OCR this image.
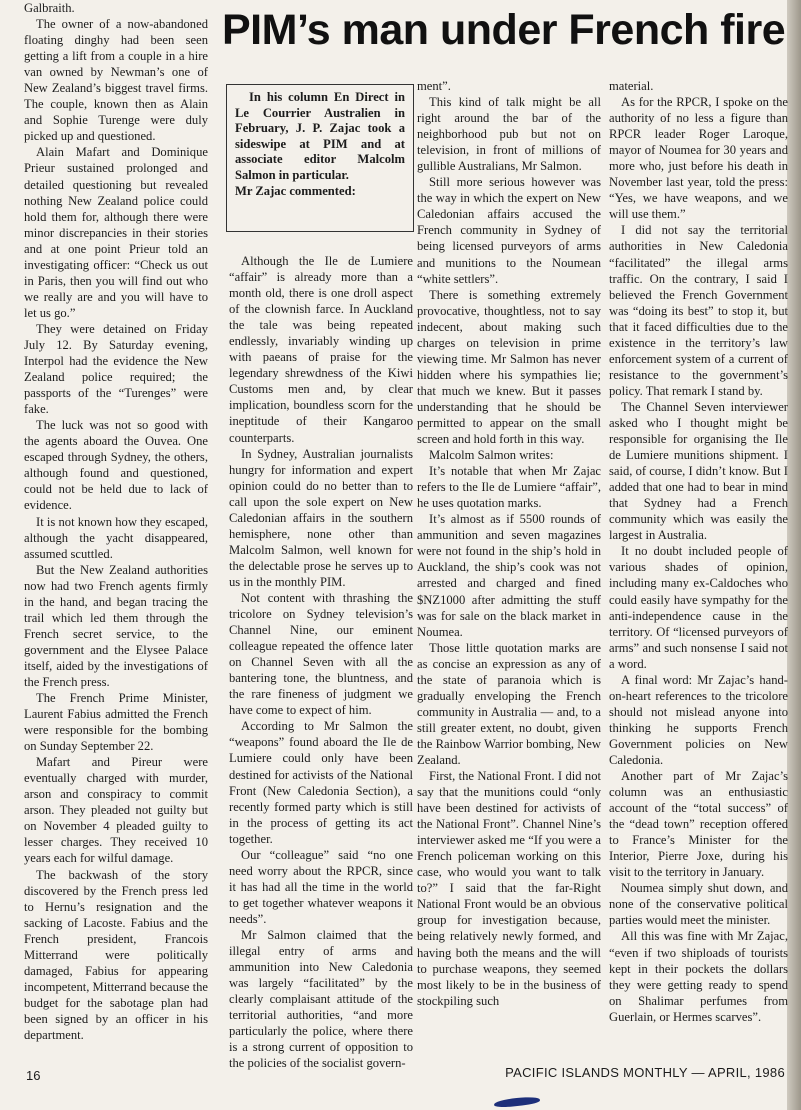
PIM’s man under French fire

Galbraith.

The owner of a now-abandoned floating dinghy had been seen getting a lift from a couple in a hire van owned by Newman’s one of New Zealand’s biggest travel firms. The couple, known then as Alain and Sophie Turenge were duly picked up and questioned.

Alain Mafart and Dominique Prieur sustained prolonged and detailed questioning but revealed nothing New Zealand police could hold them for, although there were minor discrepancies in their stories and at one point Prieur told an investigating officer: “Check us out in Paris, then you will find out who we really are and you will have to let us go.”

They were detained on Friday July 12. By Saturday evening, Interpol had the evidence the New Zealand police required; the passports of the “Turenges” were fake.

The luck was not so good with the agents aboard the Ouvea. One escaped through Sydney, the others, although found and questioned, could not be held due to lack of evidence.

It is not known how they escaped, although the yacht disappeared, assumed scuttled.

But the New Zealand authorities now had two French agents firmly in the hand, and began tracing the trail which led them through the French secret service, to the government and the Elysee Palace itself, aided by the investigations of the French press.

The French Prime Minister, Laurent Fabius admitted the French were responsible for the bombing on Sunday September 22.

Mafart and Pireur were eventually charged with murder, arson and conspiracy to commit arson. They pleaded not guilty but on November 4 pleaded guilty to lesser charges. They received 10 years each for wilful damage.

The backwash of the story discovered by the French press led to Hernu’s resignation and the sacking of Lacoste. Fabius and the French president, Francois Mitterrand were politically damaged, Fabius for appearing incompetent, Mitterrand because the budget for the sabotage plan had been signed by an officer in his department.

In his column En Direct in Le Courrier Australien in February, J. P. Zajac took a sideswipe at PIM and at associate editor Malcolm Salmon in particular.

Mr Zajac commented:

Although the Ile de Lumiere “affair” is already more than a month old, there is one droll aspect of the clownish farce. In Auckland the tale was being repeated endlessly, invariably winding up with paeans of praise for the legendary shrewdness of the Kiwi Customs men and, by clear implication, boundless scorn for the ineptitude of their Kangaroo counterparts.

In Sydney, Australian journalists hungry for information and expert opinion could do no better than to call upon the sole expert on New Caledonian affairs in the southern hemisphere, none other than Malcolm Salmon, well known for the delectable prose he serves up to us in the monthly PIM.

Not content with thrashing the tricolore on Sydney television’s Channel Nine, our eminent colleague repeated the offence later on Channel Seven with all the bantering tone, the bluntness, and the rare fineness of judgment we have come to expect of him.

According to Mr Salmon the “weapons” found aboard the Ile de Lumiere could only have been destined for activists of the National Front (New Caledonia Section), a recently formed party which is still in the process of getting its act together.

Our “colleague” said “no one need worry about the RPCR, since it has had all the time in the world to get together whatever weapons it needs”.

Mr Salmon claimed that the illegal entry of arms and ammunition into New Caledonia was largely “facilitated” by the clearly complaisant attitude of the territorial authorities, “and more particularly the police, where there is a strong current of opposition to the policies of the socialist govern-

ment”.

This kind of talk might be all right around the bar of the neighborhood pub but not on television, in front of millions of gullible Australians, Mr Salmon.

Still more serious however was the way in which the expert on New Caledonian affairs accused the French community in Sydney of being licensed purveyors of arms and munitions to the Noumean “white settlers”.

There is something extremely provocative, thoughtless, not to say indecent, about making such charges on television in prime viewing time. Mr Salmon has never hidden where his sympathies lie; that much we knew. But it passes understanding that he should be permitted to appear on the small screen and hold forth in this way.

Malcolm Salmon writes:

It’s notable that when Mr Zajac refers to the Ile de Lumiere “affair”, he uses quotation marks.

It’s almost as if 5500 rounds of ammunition and seven magazines were not found in the ship’s hold in Auckland, the ship’s cook was not arrested and charged and fined $NZ1000 after admitting the stuff was for sale on the black market in Noumea.

Those little quotation marks are as concise an expression as any of the state of paranoia which is gradually enveloping the French community in Australia — and, to a still greater extent, no doubt, given the Rainbow Warrior bombing, New Zealand.

First, the National Front. I did not say that the munitions could “only have been destined for activists of the National Front”. Channel Nine’s interviewer asked me “If you were a French policeman working on this case, who would you want to talk to?” I said that the far-Right National Front would be an obvious group for investigation because, being relatively newly formed, and having both the means and the will to purchase weapons, they seemed most likely to be in the business of stockpiling such

material.

As for the RPCR, I spoke on the authority of no less a figure than RPCR leader Roger Laroque, mayor of Noumea for 30 years and more who, just before his death in November last year, told the press: “Yes, we have weapons, and we will use them.”

I did not say the territorial authorities in New Caledonia “facilitated” the illegal arms traffic. On the contrary, I said I believed the French Government was “doing its best” to stop it, but that it faced difficulties due to the existence in the territory’s law enforcement system of a current of resistance to the government’s policy. That remark I stand by.

The Channel Seven interviewer asked who I thought might be responsible for organising the Ile de Lumiere munitions shipment. I said, of course, I didn’t know. But I added that one had to bear in mind that Sydney had a French community which was easily the largest in Australia.

It no doubt included people of various shades of opinion, including many ex-Caldoches who could easily have sympathy for the anti-independence cause in the territory. Of “licensed purveyors of arms” and such nonsense I said not a word.

A final word: Mr Zajac’s hand-on-heart references to the tricolore should not mislead anyone into thinking he supports French Government policies on New Caledonia.

Another part of Mr Zajac’s column was an enthusiastic account of the “total success” of the “dead town” reception offered to France’s Minister for the Interior, Pierre Joxe, during his visit to the territory in January.

Noumea simply shut down, and none of the conservative political parties would meet the minister.

All this was fine with Mr Zajac, “even if two shiploads of tourists kept in their pockets the dollars they were getting ready to spend on Shalimar perfumes from Guerlain, or Hermes scarves”.

16	PACIFIC ISLANDS MONTHLY — APRIL, 1986
